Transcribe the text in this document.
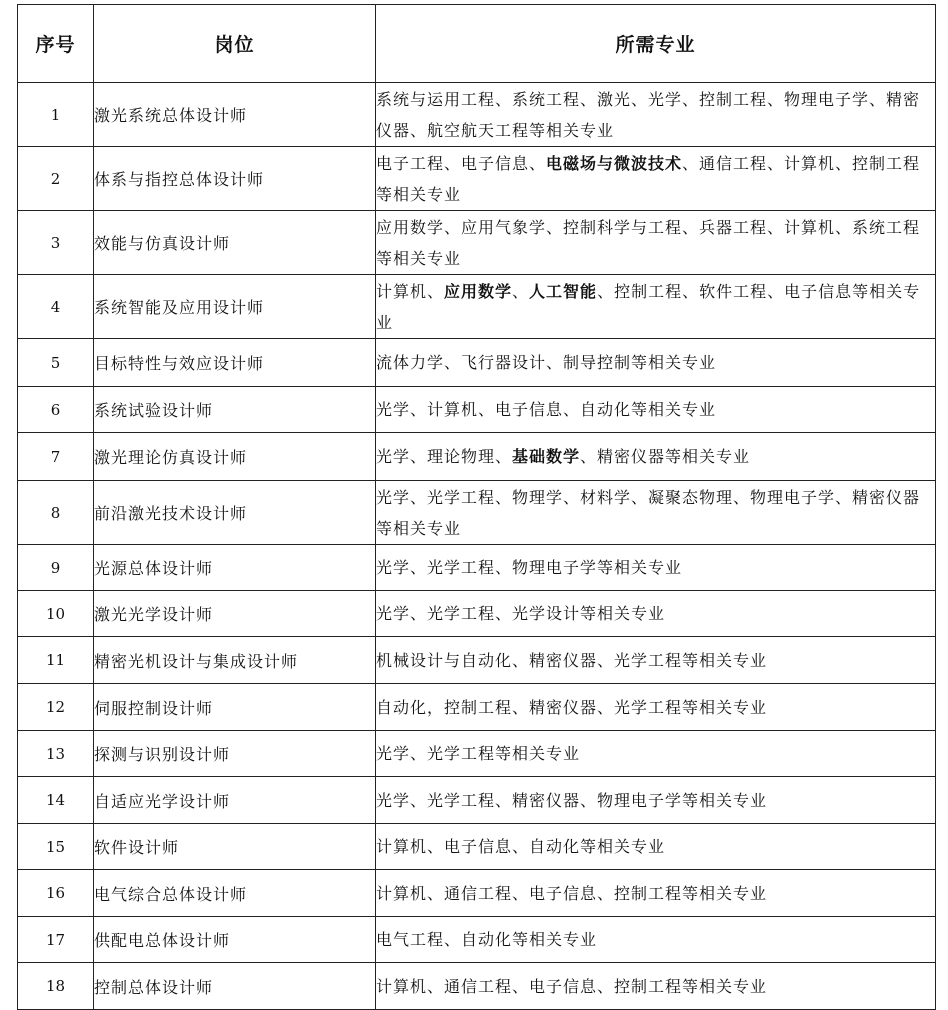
序号	岗位	所需专业
1	激光系统总体设计师	系统与运用工程、系统工程、激光、光学、控制工程、物理电子学、精密仪器、航空航天工程等相关专业
2	体系与指控总体设计师	电子工程、电子信息、电磁场与微波技术、通信工程、计算机、控制工程等相关专业
3	效能与仿真设计师	应用数学、应用气象学、控制科学与工程、兵器工程、计算机、系统工程等相关专业
4	系统智能及应用设计师	计算机、应用数学、人工智能、控制工程、软件工程、电子信息等相关专业
5	目标特性与效应设计师	流体力学、飞行器设计、制导控制等相关专业
6	系统试验设计师	光学、计算机、电子信息、自动化等相关专业
7	激光理论仿真设计师	光学、理论物理、基础数学、精密仪器等相关专业
8	前沿激光技术设计师	光学、光学工程、物理学、材料学、凝聚态物理、物理电子学、精密仪器等相关专业
9	光源总体设计师	光学、光学工程、物理电子学等相关专业
10	激光光学设计师	光学、光学工程、光学设计等相关专业
11	精密光机设计与集成设计师	机械设计与自动化、精密仪器、光学工程等相关专业
12	伺服控制设计师	自动化，控制工程、精密仪器、光学工程等相关专业
13	探测与识别设计师	光学、光学工程等相关专业
14	自适应光学设计师	光学、光学工程、精密仪器、物理电子学等相关专业
15	软件设计师	计算机、电子信息、自动化等相关专业
16	电气综合总体设计师	计算机、通信工程、电子信息、控制工程等相关专业
17	供配电总体设计师	电气工程、自动化等相关专业
18	控制总体设计师	计算机、通信工程、电子信息、控制工程等相关专业
